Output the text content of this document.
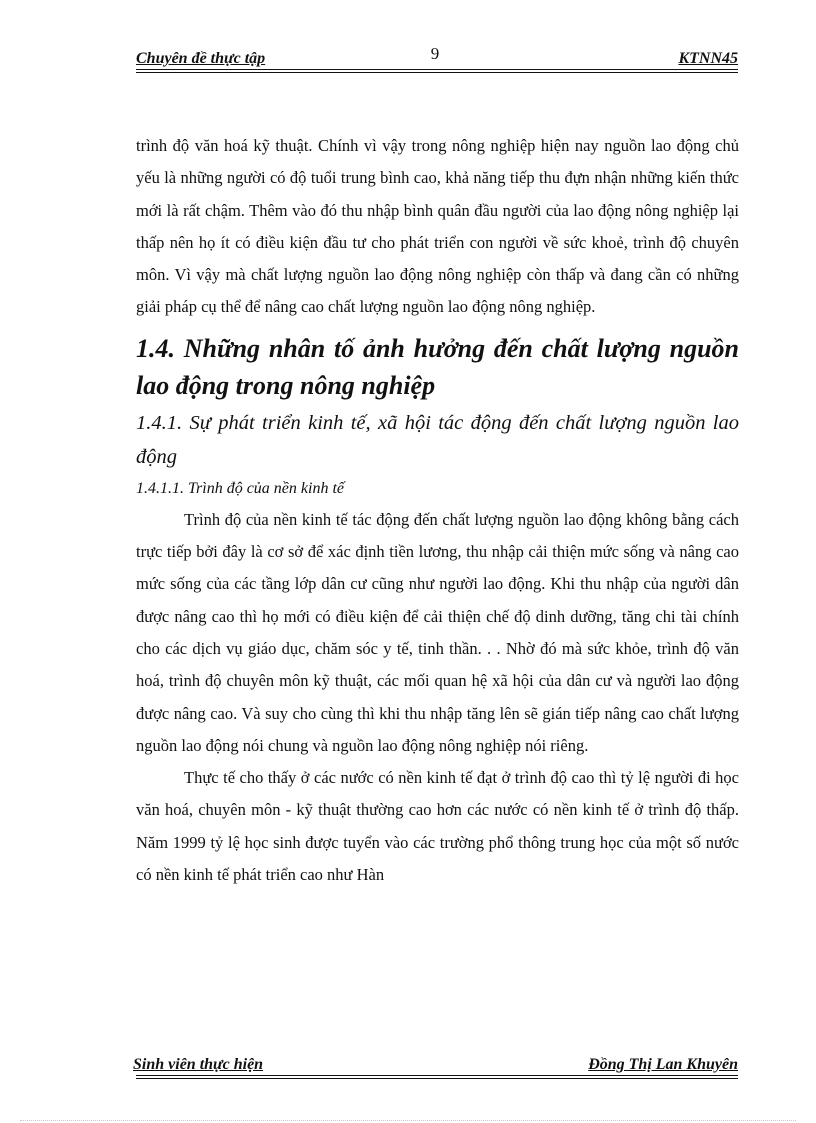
9
Chuyên đề thực tập	KTNN45

trình độ văn hoá kỹ thuật. Chính vì vậy trong nông nghiệp hiện nay nguồn lao động chủ yếu là những người có độ tuổi trung bình cao, khả năng tiếp thu đựn nhận những kiến thức mới là rất chậm. Thêm vào đó thu nhập bình quân đầu người của lao động nông nghiệp lại thấp nên họ ít có điều kiện đầu tư cho phát triển con người về sức khoẻ, trình độ chuyên môn. Vì vậy mà chất lượng nguồn lao động nông nghiệp còn thấp và đang cần có những giải pháp cụ thể để nâng cao chất lượng nguồn lao động nông nghiệp.

1.4. Những nhân tố ảnh hưởng đến chất lượng nguồn lao động trong nông nghiệp
1.4.1. Sự phát triển kinh tế, xã hội tác động đến chất lượng nguồn lao động
1.4.1.1. Trình độ của nền kinh tế

Trình độ của nền kinh tế tác động đến chất lượng nguồn lao động không bằng cách trực tiếp bởi đây là cơ sở để xác định tiền lương, thu nhập cải thiện mức sống và nâng cao mức sống của các tầng lớp dân cư cũng như người lao động. Khi thu nhập của người dân được nâng cao thì họ mới có điều kiện để cải thiện chế độ dinh dưỡng, tăng chi tài chính cho các dịch vụ giáo dục, chăm sóc y tế, tinh thần. . . Nhờ đó mà sức khỏe, trình độ văn hoá, trình độ chuyên môn kỹ thuật, các mối quan hệ xã hội của dân cư và người lao động được nâng cao. Và suy cho cùng thì khi thu nhập tăng lên sẽ gián tiếp nâng cao chất lượng nguồn lao động nói chung và nguồn lao động nông nghiệp nói riêng.

Thực tế cho thấy ở các nước có nền kinh tế đạt ở trình độ cao thì tỷ lệ người đi học văn hoá, chuyên môn - kỹ thuật thường cao hơn các nước có nền kinh tế ở trình độ thấp. Năm 1999 tỷ lệ học sinh được tuyển vào các trường phổ thông trung học của một số nước có nền kinh tế phát triển cao như Hàn

Sinh viên thực hiện	Đồng Thị Lan Khuyên
